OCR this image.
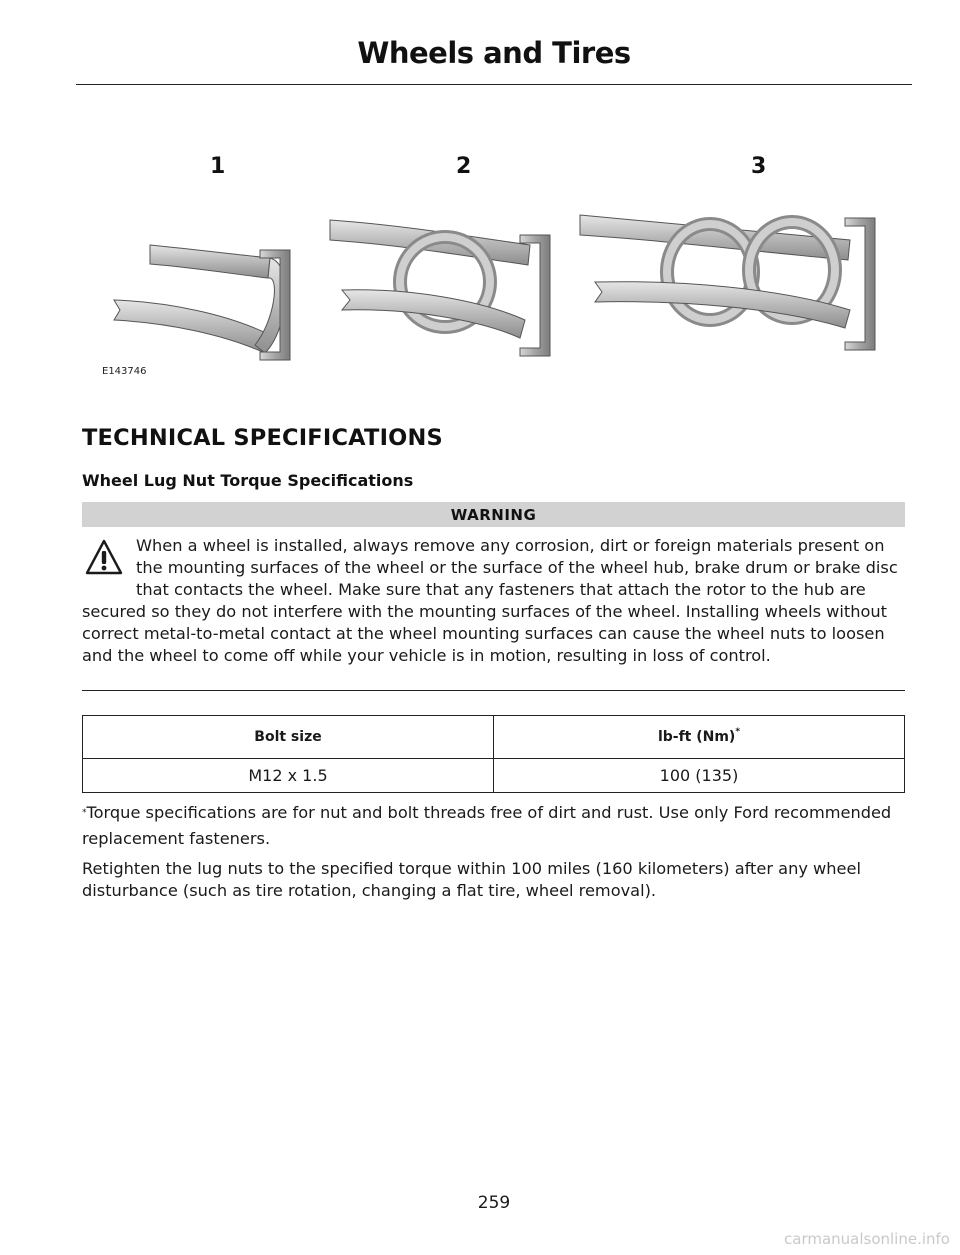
Wheels and Tires
1	2	3
E143746
TECHNICAL SPECIFICATIONS
Wheel Lug Nut Torque Specifications
WARNING
When a wheel is installed, always remove any corrosion, dirt or foreign materials present on the mounting surfaces of the wheel or the surface of the wheel hub, brake drum or brake disc that contacts the wheel. Make sure that any fasteners that attach the rotor to the hub are secured so they do not interfere with the mounting surfaces of the wheel. Installing wheels without correct metal-to-metal contact at the wheel mounting surfaces can cause the wheel nuts to loosen and the wheel to come off while your vehicle is in motion, resulting in loss of control.
Bolt size	lb-ft (Nm)*
M12 x 1.5	100 (135)
*Torque specifications are for nut and bolt threads free of dirt and rust. Use only Ford recommended replacement fasteners.
Retighten the lug nuts to the specified torque within 100 miles (160 kilometers) after any wheel disturbance (such as tire rotation, changing a flat tire, wheel removal).
259
carmanualsonline.info
